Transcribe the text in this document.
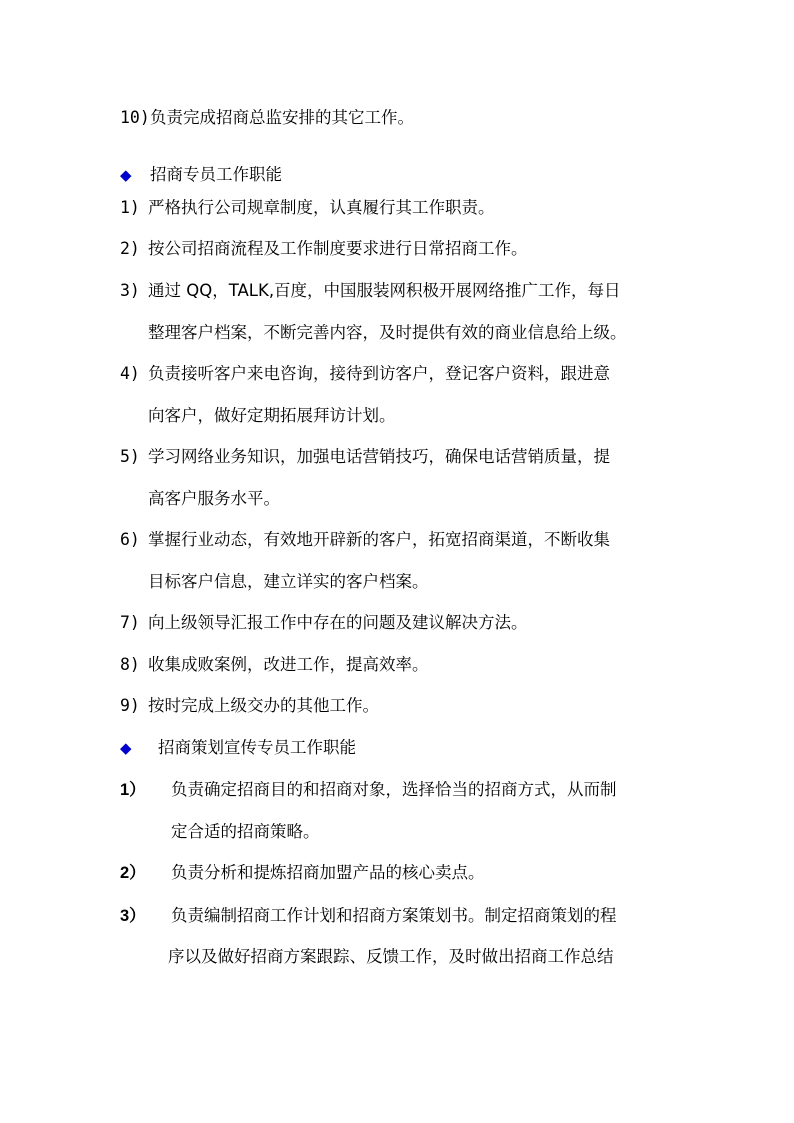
10) 负责完成招商总监安排的其它工作。
◆ 招商专员工作职能
1) 严格执行公司规章制度，认真履行其工作职责。
2) 按公司招商流程及工作制度要求进行日常招商工作。
3) 通过 QQ，TALK,百度，中国服装网积极开展网络推广工作，每日
整理客户档案，不断完善内容，及时提供有效的商业信息给上级。
4) 负责接听客户来电咨询，接待到访客户，登记客户资料，跟进意
向客户，做好定期拓展拜访计划。
5) 学习网络业务知识，加强电话营销技巧，确保电话营销质量，提
高客户服务水平。
6) 掌握行业动态，有效地开辟新的客户，拓宽招商渠道，不断收集
目标客户信息，建立详实的客户档案。
7) 向上级领导汇报工作中存在的问题及建议解决方法。
8) 收集成败案例，改进工作，提高效率。
9) 按时完成上级交办的其他工作。
◆ 招商策划宣传专员工作职能
1） 负责确定招商目的和招商对象，选择恰当的招商方式，从而制
定合适的招商策略。
2） 负责分析和提炼招商加盟产品的核心卖点。
3） 负责编制招商工作计划和招商方案策划书。制定招商策划的程
序以及做好招商方案跟踪、反馈工作，及时做出招商工作总结
